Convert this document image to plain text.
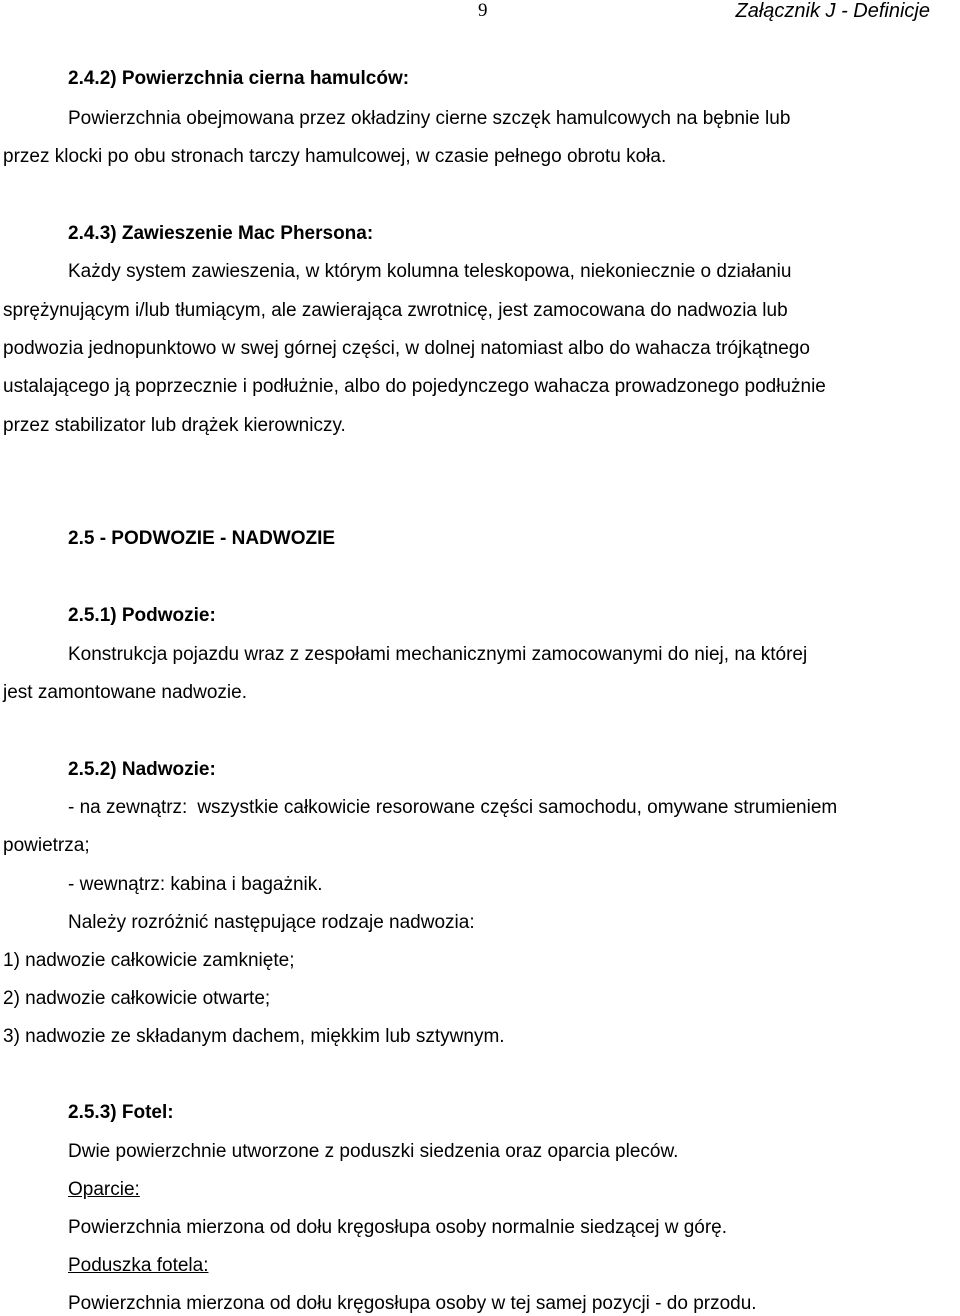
9	Załącznik J - Definicje
2.4.2) Powierzchnia cierna hamulców:
Powierzchnia obejmowana przez okładziny cierne szczęk hamulcowych na bębnie lub
przez klocki po obu stronach tarczy hamulcowej, w czasie pełnego obrotu koła.
2.4.3) Zawieszenie Mac Phersona:
Każdy system zawieszenia, w którym kolumna teleskopowa, niekoniecznie o działaniu
sprężynującym i/lub tłumiącym, ale zawierająca zwrotnicę, jest zamocowana do nadwozia lub
podwozia jednopunktowo w swej górnej części, w dolnej natomiast albo do wahacza trójkątnego
ustalającego ją poprzecznie i podłużnie, albo do pojedynczego wahacza prowadzonego podłużnie
przez stabilizator lub drążek kierowniczy.
2.5 - PODWOZIE - NADWOZIE
2.5.1) Podwozie:
Konstrukcja pojazdu wraz z zespołami mechanicznymi zamocowanymi do niej, na której
jest zamontowane nadwozie.
2.5.2) Nadwozie:
- na zewnątrz: wszystkie całkowicie resorowane części samochodu, omywane strumieniem
powietrza;
- wewnątrz: kabina i bagażnik.
Należy rozróżnić następujące rodzaje nadwozia:
1) nadwozie całkowicie zamknięte;
2) nadwozie całkowicie otwarte;
3) nadwozie ze składanym dachem, miękkim lub sztywnym.
2.5.3) Fotel:
Dwie powierzchnie utworzone z poduszki siedzenia oraz oparcia pleców.
Oparcie:
Powierzchnia mierzona od dołu kręgosłupa osoby normalnie siedzącej w górę.
Poduszka fotela:
Powierzchnia mierzona od dołu kręgosłupa osoby w tej samej pozycji - do przodu.
